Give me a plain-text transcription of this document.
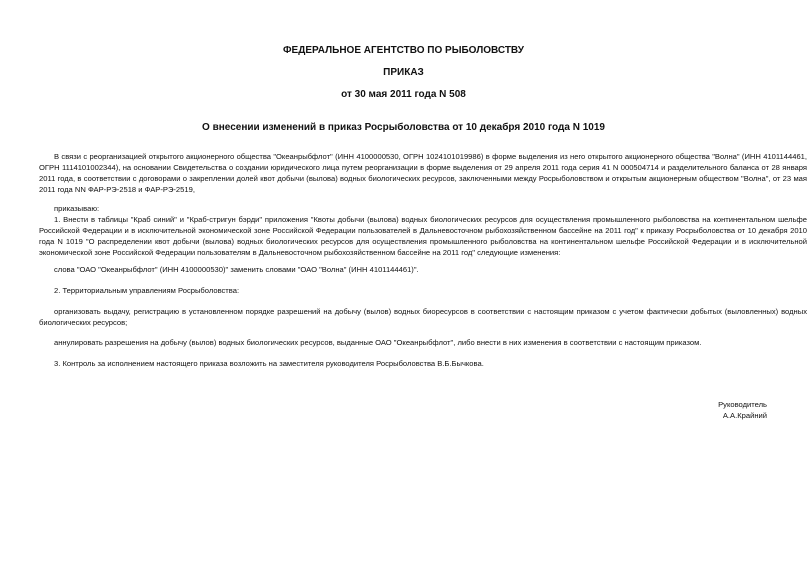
ФЕДЕРАЛЬНОЕ АГЕНТСТВО ПО РЫБОЛОВСТВУ
ПРИКАЗ
от 30 мая 2011 года N 508
О внесении изменений в приказ Росрыболовства от 10 декабря 2010 года N 1019

В связи с реорганизацией открытого акционерного общества "Океанрыбфлот" (ИНН 4100000530, ОГРН 1024101019986) в форме выделения из него открытого акционерного общества "Волна" (ИНН 4101144461, ОГРН 1114101002344), на основании Свидетельства о создании юридического лица путем реорганизации в форме выделения от 29 апреля 2011 года серия 41 N 000504714 и разделительного баланса от 28 января 2011 года, в соответствии с договорами о закреплении долей квот добычи (вылова) водных биологических ресурсов, заключенными между Росрыболовством и открытым акционерным обществом "Волна", от 23 мая 2011 года NN ФАР-РЭ-2518 и ФАР-РЭ-2519,

приказываю:

1. Внести в таблицы "Краб синий" и "Краб-стригун бэрди" приложения "Квоты добычи (вылова) водных биологических ресурсов для осуществления промышленного рыболовства на континентальном шельфе Российской Федерации и в исключительной экономической зоне Российской Федерации пользователей в Дальневосточном рыбохозяйственном бассейне на 2011 год" к приказу Росрыболовства от 10 декабря 2010 года N 1019 "О распределении квот добычи (вылова) водных биологических ресурсов для осуществления промышленного рыболовства на континентальном шельфе Российской Федерации и в исключительной экономической зоне Российской Федерации пользователям в Дальневосточном рыбохозяйственном бассейне на 2011 год" следующие изменения:

слова "ОАО "Океанрыбфлот" (ИНН 4100000530)" заменить словами "ОАО "Волна" (ИНН 4101144461)".

2. Территориальным управлениям Росрыболовства:

организовать выдачу, регистрацию в установленном порядке разрешений на добычу (вылов) водных биоресурсов в соответствии с настоящим приказом с учетом фактически добытых (выловленных) водных биологических ресурсов;

аннулировать разрешения на добычу (вылов) водных биологических ресурсов, выданные ОАО "Океанрыбфлот", либо внести в них изменения в соответствии с настоящим приказом.

3. Контроль за исполнением настоящего приказа возложить на заместителя руководителя Росрыболовства В.Б.Бычкова.

Руководитель
А.А.Крайний
